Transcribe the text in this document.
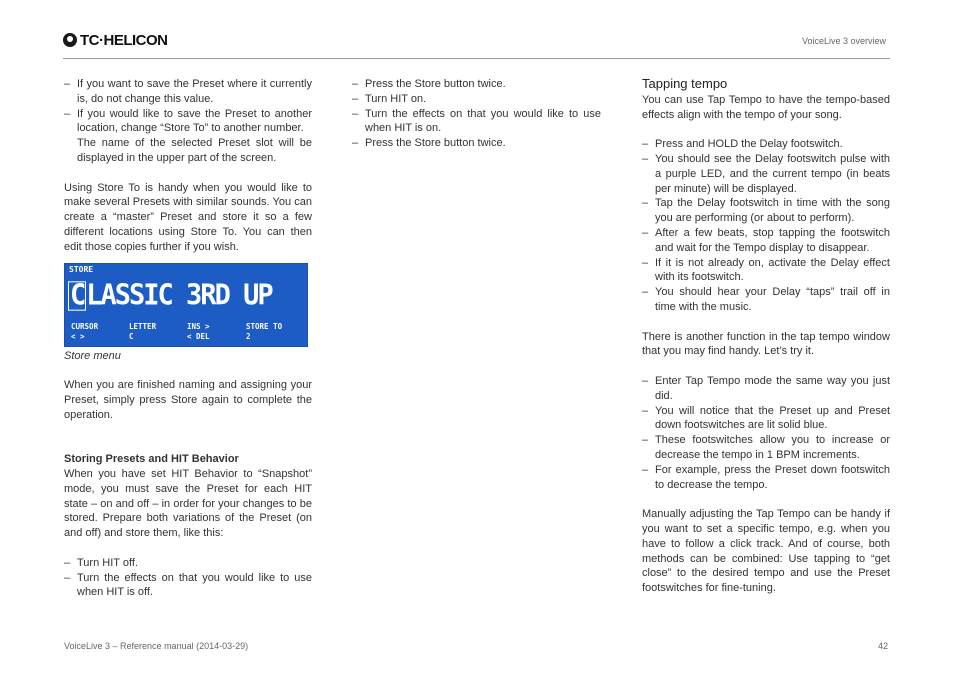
TC·HELICON	VoiceLive 3 overview
– If you want to save the Preset where it currently is, do not change this value.
– If you would like to save the Preset to another location, change “Store To” to another number.
The name of the selected Preset slot will be displayed in the upper part of the screen.

Using Store To is handy when you would like to make several Presets with similar sounds. You can create a “master” Preset and store it so a few different locations using Store To. You can then edit those copies further if you wish.

STORE
CLASSIC 3RD UP
CURSOR
< >
LETTER
C
INS >
< DEL
STORE TO
2

Store menu

When you are finished naming and assigning your Preset, simply press Store again to complete the operation.

Storing Presets and HIT Behavior

When you have set HIT Behavior to “Snapshot” mode, you must save the Preset for each HIT state – on and off – in order for your changes to be stored. Prepare both variations of the Preset (on and off) and store them, like this:

– Turn HIT off.
– Turn the effects on that you would like to use when HIT is off.
– Press the Store button twice.
– Turn HIT on.
– Turn the effects on that you would like to use when HIT is on.
– Press the Store button twice.

Tapping tempo

You can use Tap Tempo to have the tempo-based effects align with the tempo of your song.

– Press and HOLD the Delay footswitch.
– You should see the Delay footswitch pulse with a purple LED, and the current tempo (in beats per minute) will be displayed.
– Tap the Delay footswitch in time with the song you are performing (or about to perform).
– After a few beats, stop tapping the footswitch and wait for the Tempo display to disappear.
– If it is not already on, activate the Delay effect with its footswitch.
– You should hear your Delay “taps” trail off in time with the music.

There is another function in the tap tempo window that you may find handy. Let’s try it.

– Enter Tap Tempo mode the same way you just did.
– You will notice that the Preset up and Preset down footswitches are lit solid blue.
– These footswitches allow you to increase or decrease the tempo in 1 BPM increments.
– For example, press the Preset down footswitch to decrease the tempo.

Manually adjusting the Tap Tempo can be handy if you want to set a specific tempo, e.g. when you have to follow a click track. And of course, both methods can be combined: Use tapping to “get close” to the desired tempo and use the Preset footswitches for fine-tuning.

VoiceLive 3 – Reference manual (2014-03-29)	42
